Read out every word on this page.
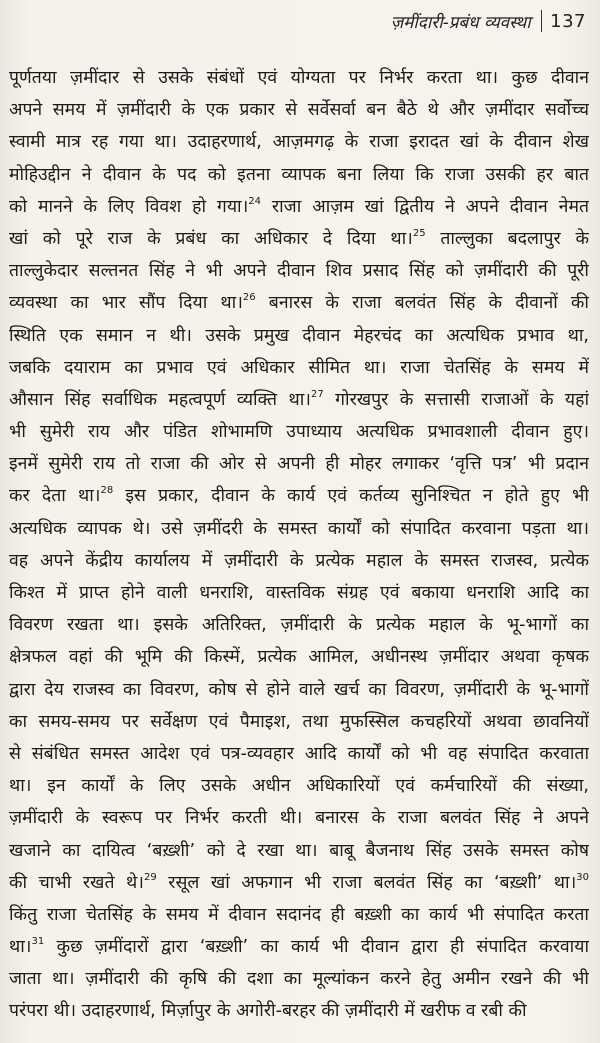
ज़मींदारी-प्रबंध व्यवस्था 137
पूर्णतया ज़मींदार से उसके संबंधों एवं योग्यता पर निर्भर करता था। कुछ दीवान
अपने समय में ज़मींदारी के एक प्रकार से सर्वेसर्वा बन बैठे थे और ज़मींदार सर्वोच्च
स्वामी मात्र रह गया था। उदाहरणार्थ, आज़मगढ़ के राजा इरादत खां के दीवान शेख
मोहिउद्दीन ने दीवान के पद को इतना व्यापक बना लिया कि राजा उसकी हर बात
को मानने के लिए विवश हो गया।$^{24}$ राजा आज़म खां द्वितीय ने अपने दीवान नेमत
खां को पूरे राज के प्रबंध का अधिकार दे दिया था।$^{25}$ ताल्लुका बदलापुर के
ताल्लुकेदार सल्तनत सिंह ने भी अपने दीवान शिव प्रसाद सिंह को ज़मींदारी की पूरी
व्यवस्था का भार सौंप दिया था।$^{26}$ बनारस के राजा बलवंत सिंह के दीवानों की
स्थिति एक समान न थी। उसके प्रमुख दीवान मेहरचंद का अत्यधिक प्रभाव था,
जबकि दयाराम का प्रभाव एवं अधिकार सीमित था। राजा चेतसिंह के समय में
औसान सिंह सर्वाधिक महत्वपूर्ण व्यक्ति था।$^{27}$ गोरखपुर के सत्तासी राजाओं के यहां
भी सुमेरी राय और पंडित शोभामणि उपाध्याय अत्यधिक प्रभावशाली दीवान हुए।
इनमें सुमेरी राय तो राजा की ओर से अपनी ही मोहर लगाकर ‘वृत्ति पत्र’ भी प्रदान
कर देता था।$^{28}$ इस प्रकार, दीवान के कार्य एवं कर्तव्य सुनिश्चित न होते हुए भी
अत्यधिक व्यापक थे। उसे ज़मींदरी के समस्त कार्यों को संपादित करवाना पड़ता था।
वह अपने केंद्रीय कार्यालय में ज़मींदारी के प्रत्येक महाल के समस्त राजस्व, प्रत्येक
किश्त में प्राप्त होने वाली धनराशि, वास्तविक संग्रह एवं बकाया धनराशि आदि का
विवरण रखता था। इसके अतिरिक्त, ज़मींदारी के प्रत्येक महाल के भू-भागों का
क्षेत्रफल वहां की भूमि की किस्में, प्रत्येक आमिल, अधीनस्थ ज़मींदार अथवा कृषक
द्वारा देय राजस्व का विवरण, कोष से होने वाले खर्च का विवरण, ज़मींदारी के भू-भागों
का समय-समय पर सर्वेक्षण एवं पैमाइश, तथा मुफस्सिल कचहरियों अथवा छावनियों
से संबंधित समस्त आदेश एवं पत्र-व्यवहार आदि कार्यों को भी वह संपादित करवाता
था। इन कार्यों के लिए उसके अधीन अधिकारियों एवं कर्मचारियों की संख्या,
ज़मींदारी के स्वरूप पर निर्भर करती थी। बनारस के राजा बलवंत सिंह ने अपने
खजाने का दायित्व ‘बख़्शी’ को दे रखा था। बाबू बैजनाथ सिंह उसके समस्त कोष
की चाभी रखते थे।$^{29}$ रसूल खां अफगान भी राजा बलवंत सिंह का ‘बख़्शी’ था।$^{30}$
किंतु राजा चेतसिंह के समय में दीवान सदानंद ही बख़्शी का कार्य भी संपादित करता
था।$^{31}$ कुछ ज़मींदारों द्वारा ‘बख़्शी’ का कार्य भी दीवान द्वारा ही संपादित करवाया
जाता था। ज़मींदारी की कृषि की दशा का मूल्यांकन करने हेतु अमीन रखने की भी
परंपरा थी। उदाहरणार्थ, मिर्ज़ापुर के अगोरी-बरहर की ज़मींदारी में खरीफ व रबी की
